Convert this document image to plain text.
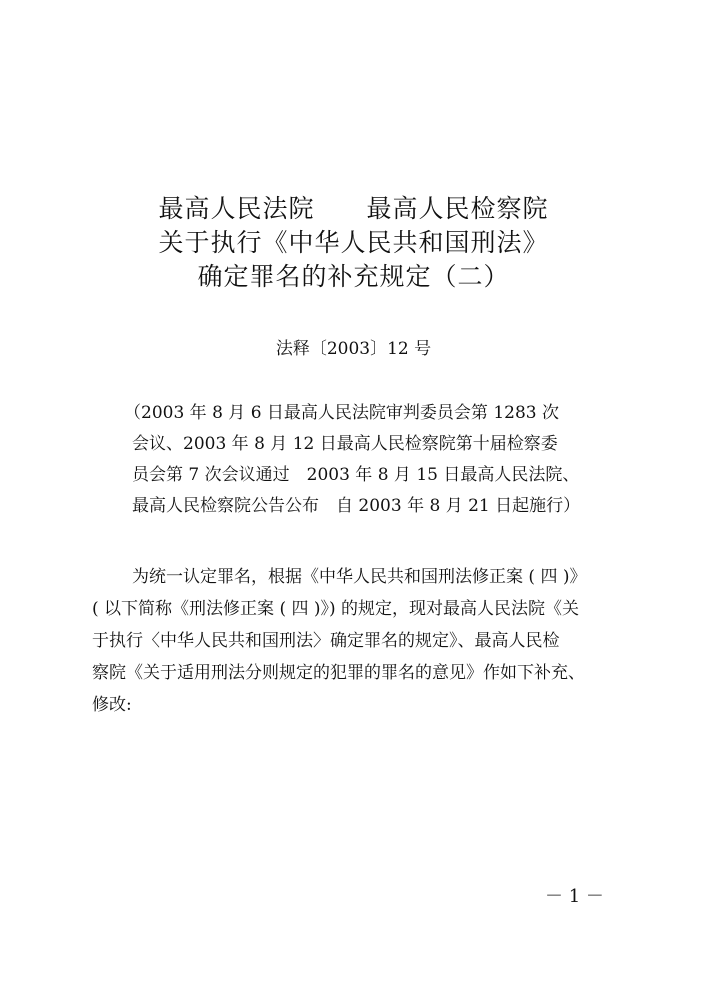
最高人民法院 最高人民检察院
关于执行《中华人民共和国刑法》
确定罪名的补充规定（二）
法释〔2003〕12 号
（2003 年 8 月 6 日最高人民法院审判委员会第 1283 次
会议、2003 年 8 月 12 日最高人民检察院第十届检察委
员会第 7 次会议通过　2003 年 8 月 15 日最高人民法院、
最高人民检察院公告公布　自 2003 年 8 月 21 日起施行）
为统一认定罪名，根据《中华人民共和国刑法修正案 ( 四 )》
( 以下简称《刑法修正案 ( 四 )》) 的规定，现对最高人民法院《关
于执行〈中华人民共和国刑法〉确定罪名的规定》、最高人民检
察院《关于适用刑法分则规定的犯罪的罪名的意见》作如下补充、
修改:
－ 1 －
